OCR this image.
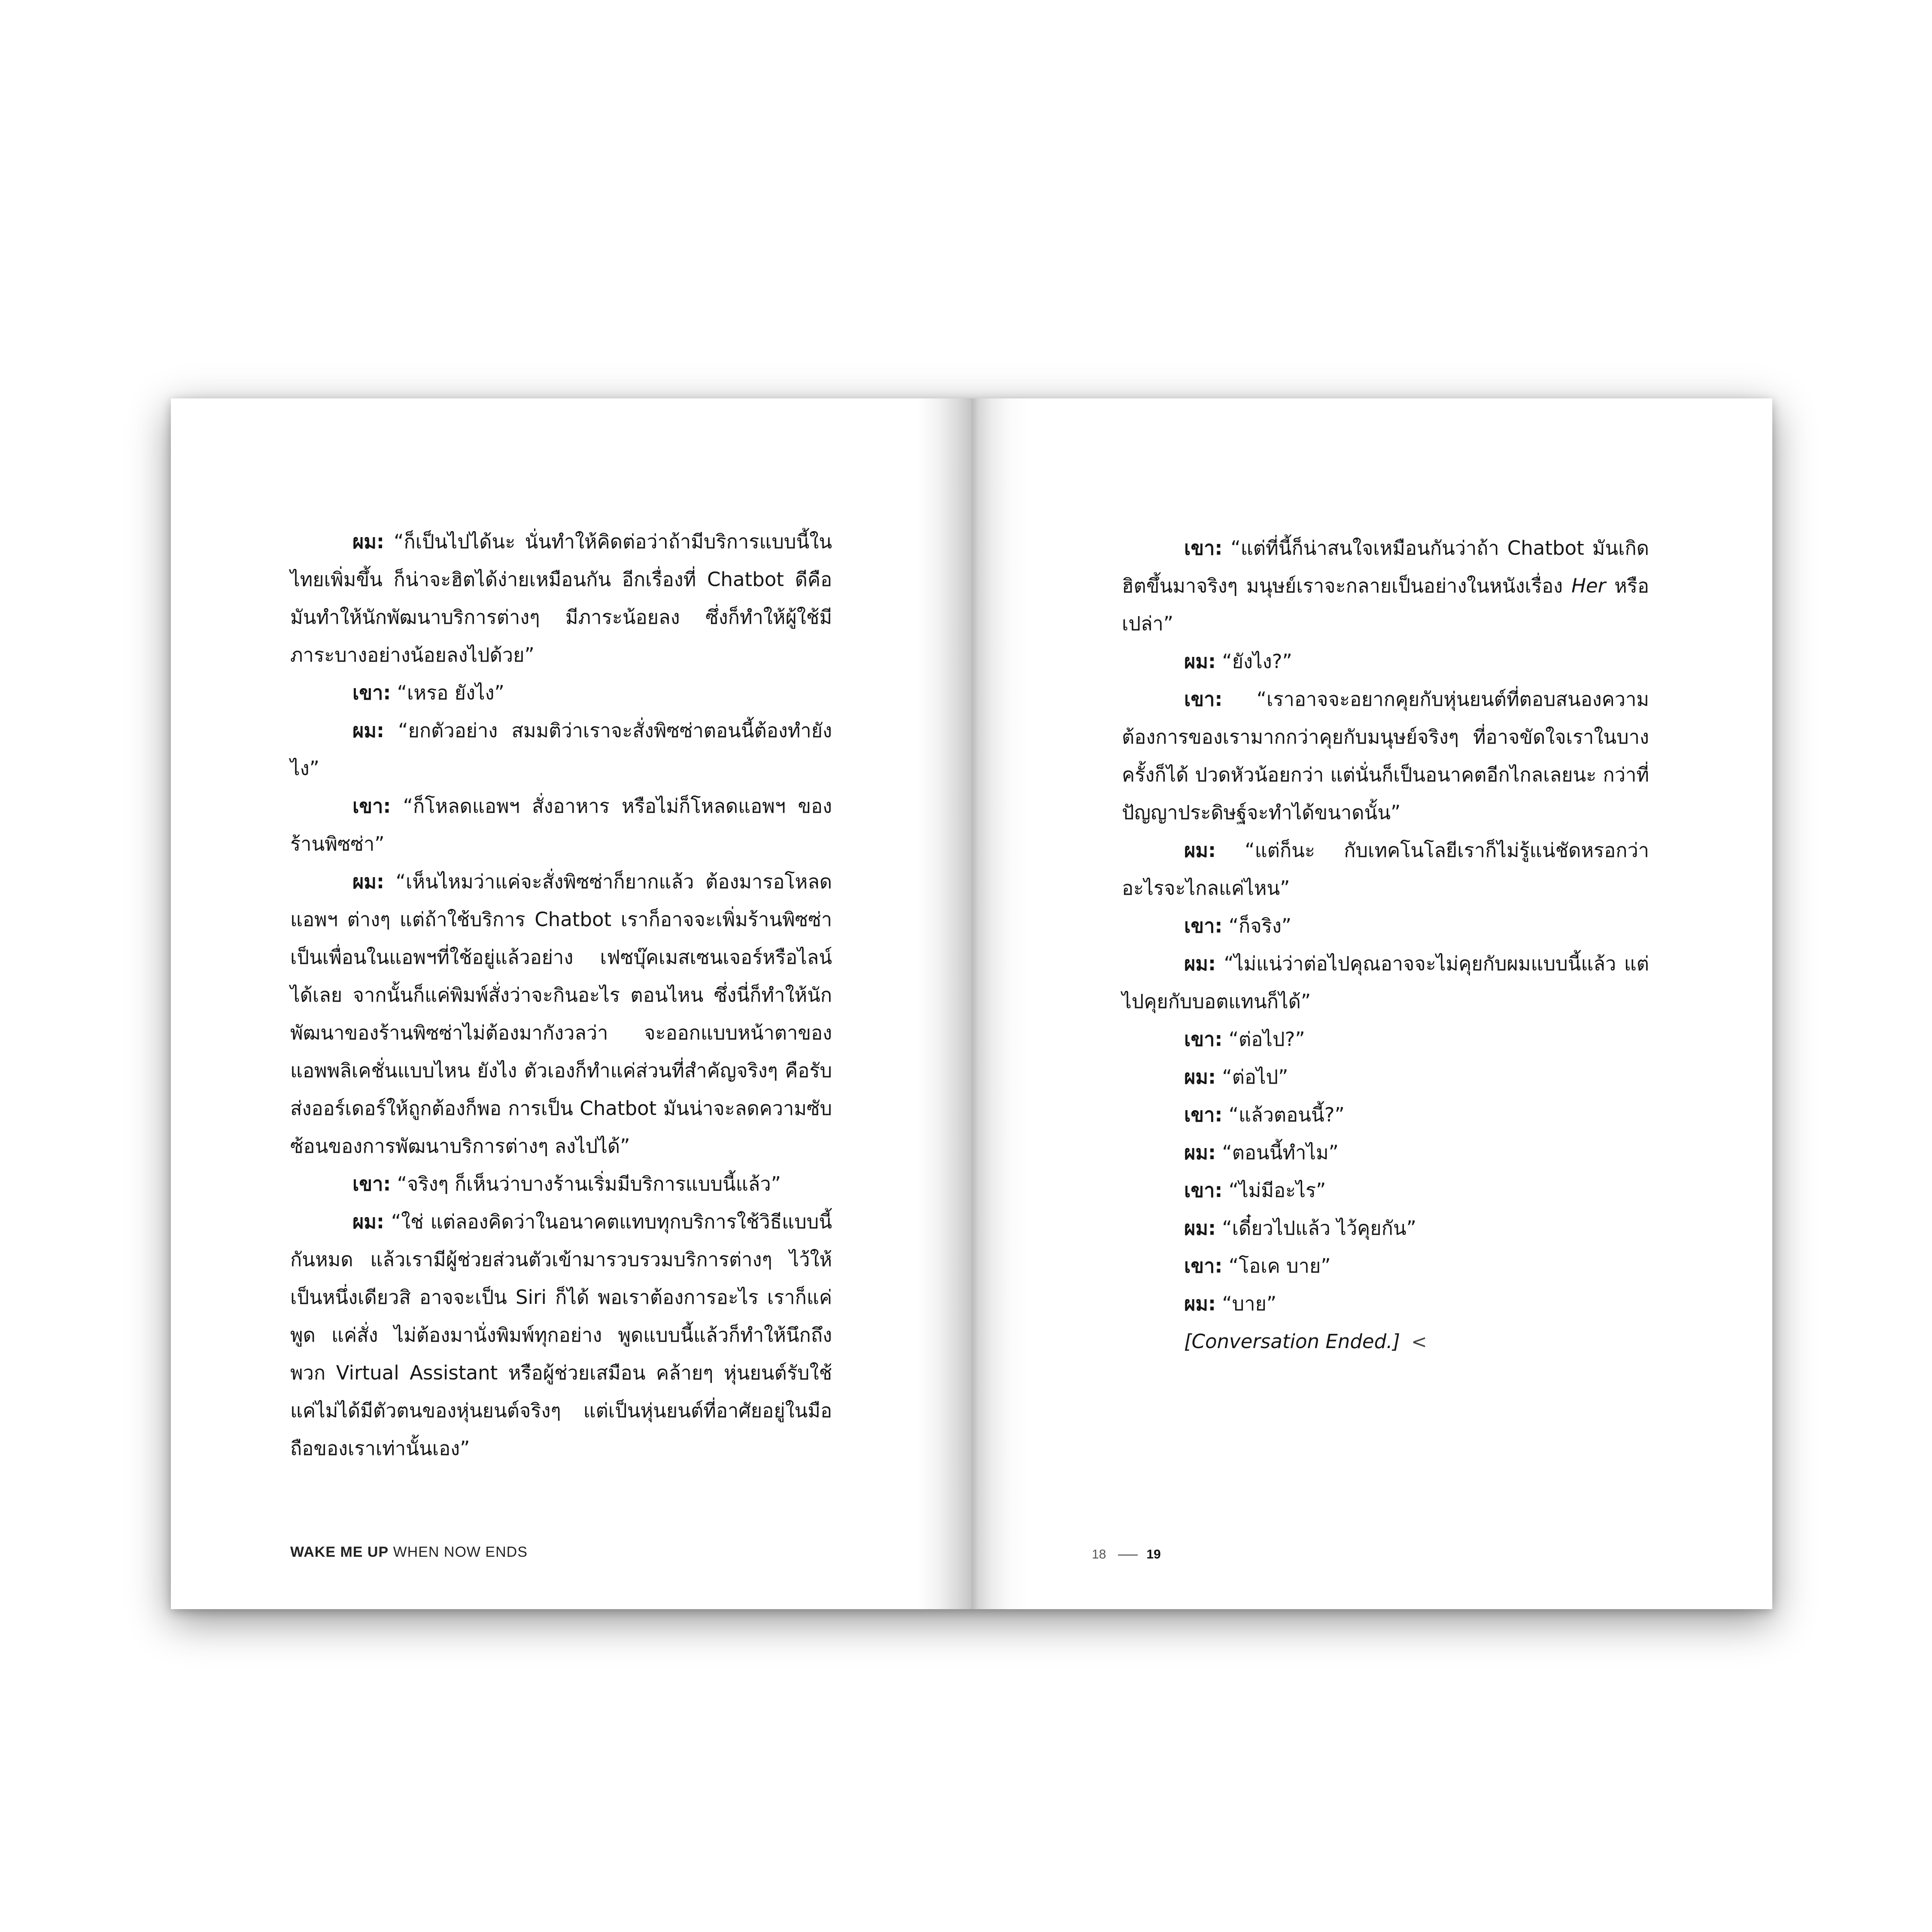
ผม: “ก็เป็นไปได้นะ นั่นทำให้คิดต่อว่าถ้ามีบริการแบบนี้ในไทยเพิ่มขึ้น ก็น่าจะฮิตได้ง่ายเหมือนกัน อีกเรื่องที่ Chatbot ดีคือมันทำให้นักพัฒนาบริการต่างๆ มีภาระน้อยลง ซึ่งก็ทำให้ผู้ใช้มีภาระบางอย่างน้อยลงไปด้วย”

เขา: “เหรอ ยังไง”

ผม: “ยกตัวอย่าง สมมติว่าเราจะสั่งพิซซ่าตอนนี้ต้องทำยังไง”

เขา: “ก็โหลดแอพฯ สั่งอาหาร หรือไม่ก็โหลดแอพฯ ของร้านพิซซ่า”

ผม: “เห็นไหมว่าแค่จะสั่งพิซซ่าก็ยากแล้ว ต้องมารอโหลดแอพฯ ต่างๆ แต่ถ้าใช้บริการ Chatbot เราก็อาจจะเพิ่มร้านพิซซ่าเป็นเพื่อนในแอพฯที่ใช้อยู่แล้วอย่าง เฟซบุ๊คเมสเซนเจอร์หรือไลน์ได้เลย จากนั้นก็แค่พิมพ์สั่งว่าจะกินอะไร ตอนไหน ซึ่งนี่ก็ทำให้นักพัฒนาของร้านพิซซ่าไม่ต้องมากังวลว่า จะออกแบบหน้าตาของแอพพลิเคชั่นแบบไหน ยังไง ตัวเองก็ทำแค่ส่วนที่สำคัญจริงๆ คือรับส่งออร์เดอร์ให้ถูกต้องก็พอ การเป็น Chatbot มันน่าจะลดความซับซ้อนของการพัฒนาบริการต่างๆ ลงไปได้”

เขา: “จริงๆ ก็เห็นว่าบางร้านเริ่มมีบริการแบบนี้แล้ว”

ผม: “ใช่ แต่ลองคิดว่าในอนาคตแทบทุกบริการใช้วิธีแบบนี้กันหมด แล้วเรามีผู้ช่วยส่วนตัวเข้ามารวบรวมบริการต่างๆ ไว้ให้เป็นหนึ่งเดียวสิ อาจจะเป็น Siri ก็ได้ พอเราต้องการอะไร เราก็แค่พูด แค่สั่ง ไม่ต้องมานั่งพิมพ์ทุกอย่าง พูดแบบนี้แล้วก็ทำให้นึกถึงพวก Virtual Assistant หรือผู้ช่วยเสมือน คล้ายๆ หุ่นยนต์รับใช้ แค่ไม่ได้มีตัวตนของหุ่นยนต์จริงๆ แต่เป็นหุ่นยนต์ที่อาศัยอยู่ในมือถือของเราเท่านั้นเอง”

WAKE ME UP WHEN NOW ENDS

เขา: “แต่ที่นี้ก็น่าสนใจเหมือนกันว่าถ้า Chatbot มันเกิดฮิตขึ้นมาจริงๆ มนุษย์เราจะกลายเป็นอย่างในหนังเรื่อง Her หรือเปล่า”

ผม: “ยังไง?”

เขา: “เราอาจจะอยากคุยกับหุ่นยนต์ที่ตอบสนองความต้องการของเรามากกว่าคุยกับมนุษย์จริงๆ ที่อาจขัดใจเราในบางครั้งก็ได้ ปวดหัวน้อยกว่า แต่นั่นก็เป็นอนาคตอีกไกลเลยนะ กว่าที่ปัญญาประดิษฐ์จะทำได้ขนาดนั้น”

ผม: “แต่ก็นะ กับเทคโนโลยีเราก็ไม่รู้แน่ชัดหรอกว่า อะไรจะไกลแค่ไหน”

เขา: “ก็จริง”

ผม: “ไม่แน่ว่าต่อไปคุณอาจจะไม่คุยกับผมแบบนี้แล้ว แต่ไปคุยกับบอตแทนก็ได้”

เขา: “ต่อไป?”

ผม: “ต่อไป”

เขา: “แล้วตอนนี้?”

ผม: “ตอนนี้ทำไม”

เขา: “ไม่มีอะไร”

ผม: “เดี๋ยวไปแล้ว ไว้คุยกัน”

เขา: “โอเค บาย”

ผม: “บาย”

[Conversation Ended.] <

18	19
